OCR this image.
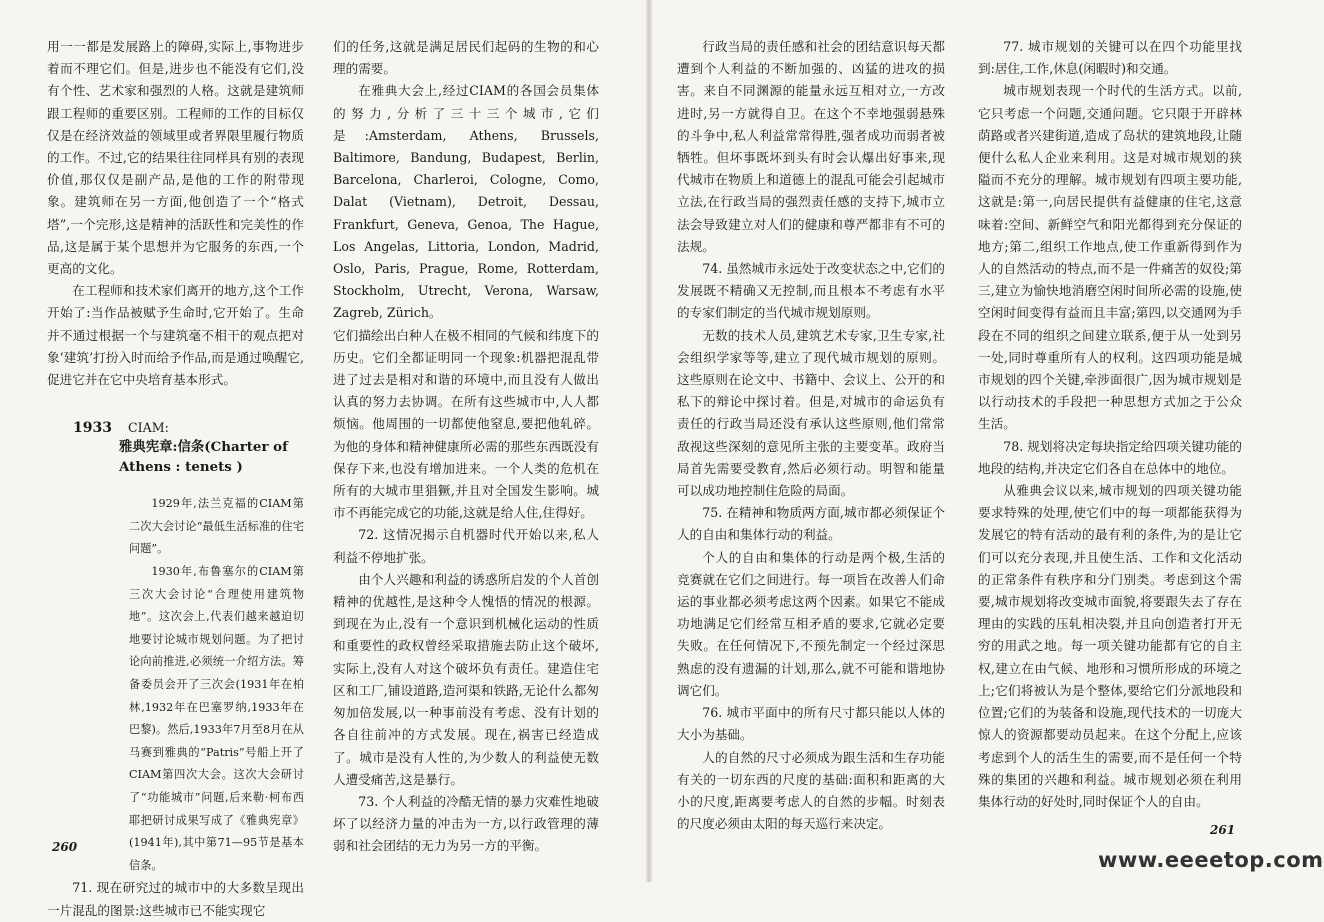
用一一都是发展路上的障碍,实际上,事物进步着而不理它们。但是,进步也不能没有它们,没有个性、艺术家和强烈的人格。这就是建筑师跟工程师的重要区别。工程师的工作的目标仅仅是在经济效益的领域里或者界限里履行物质的工作。不过,它的结果往往同样具有别的表现价值,那仅仅是副产品,是他的工作的附带现象。建筑师在另一方面,他创造了一个“格式塔”,一个完形,这是精神的活跃性和完美性的作品,这是属于某个思想并为它服务的东西,一个更高的文化。

在工程师和技术家们离开的地方,这个工作开始了:当作品被赋予生命时,它开始了。生命并不通过根据一个与建筑毫不相干的观点把对象‘建筑’打扮入时而给予作品,而是通过唤醒它,促进它并在它中央培育基本形式。

1933 CIAM:
雅典宪章:信条(Charter of Athens : tenets )

1929年,法兰克福的CIAM第二次大会讨论“最低生活标准的住宅问题”。

1930年,布鲁塞尔的CIAM第三次大会讨论“合理使用建筑物地”。这次会上,代表们越来越迫切地要讨论城市规划问题。为了把讨论向前推进,必须统一介绍方法。筹备委员会开了三次会(1931年在柏林,1932年在巴塞罗纳,1933年在巴黎)。然后,1933年7月至8月在从马赛到雅典的“Patris”号船上开了CIAM第四次大会。这次大会研讨了“功能城市”问题,后来勒·柯布西耶把研讨成果写成了《雅典宪章》(1941年),其中第71—95节是基本信条。

71. 现在研究过的城市中的大多数呈现出一片混乱的图景:这些城市已不能实现它

们的任务,这就是满足居民们起码的生物的和心理的需要。

在雅典大会上,经过CIAM的各国会员集体的努力,分析了三十三个城市,它们是:Amsterdam, Athens, Brussels, Baltimore, Bandung, Budapest, Berlin, Barcelona, Charleroi, Cologne, Como, Dalat (Vietnam), Detroit, Dessau, Frankfurt, Geneva, Genoa, The Hague, Los Angelas, Littoria, London, Madrid, Oslo, Paris, Prague, Rome, Rotterdam, Stockholm, Utrecht, Verona, Warsaw, Zagreb, Zürich。

它们描绘出白种人在极不相同的气候和纬度下的历史。它们全都证明同一个现象:机器把混乱带进了过去是相对和谐的环境中,而且没有人做出认真的努力去协调。在所有这些城市中,人人都烦恼。他周围的一切都使他窒息,要把他轧碎。为他的身体和精神健康所必需的那些东西既没有保存下来,也没有增加进来。一个人类的危机在所有的大城市里猖獗,并且对全国发生影响。城市不再能完成它的功能,这就是给人住,住得好。

72. 这情况揭示自机器时代开始以来,私人利益不停地扩张。

由个人兴趣和利益的诱惑所启发的个人首创精神的优越性,是这种令人愧悟的情况的根源。到现在为止,没有一个意识到机械化运动的性质和重要性的政权曾经采取措施去防止这个破坏,实际上,没有人对这个破坏负有责任。建造住宅区和工厂,铺设道路,造河渠和铁路,无论什么都匆匆加倍发展,以一种事前没有考虑、没有计划的各自往前冲的方式发展。现在,祸害已经造成了。城市是没有人性的,为少数人的利益使无数人遭受痛苦,这是暴行。

73. 个人利益的冷酷无情的暴力灾难性地破坏了以经济力量的冲击为一方,以行政管理的薄弱和社会团结的无力为另一方的平衡。

260

行政当局的责任感和社会的团结意识每天都遭到个人利益的不断加强的、凶猛的进攻的损害。来自不同渊源的能量永远互相对立,一方改进时,另一方就得自卫。在这个不幸地强弱悬殊的斗争中,私人利益常常得胜,强者成功而弱者被牺牲。但坏事既坏到头有时会认爆出好事来,现代城市在物质上和道德上的混乱可能会引起城市立法,在行政当局的强烈责任感的支持下,城市立法会导致建立对人们的健康和尊严都非有不可的法规。

74. 虽然城市永远处于改变状态之中,它们的发展既不精确又无控制,而且根本不考虑有水平的专家们制定的当代城市规划原则。

无数的技术人员,建筑艺术专家,卫生专家,社会组织学家等等,建立了现代城市规划的原则。这些原则在论文中、书籍中、会议上、公开的和私下的辩论中探讨着。但是,对城市的命运负有责任的行政当局还没有承认这些原则,他们常常敌视这些深刻的意见所主张的主要变革。政府当局首先需要受教育,然后必须行动。明智和能量可以成功地控制住危险的局面。

75. 在精神和物质两方面,城市都必须保证个人的自由和集体行动的利益。

个人的自由和集体的行动是两个极,生活的竞赛就在它们之间进行。每一项旨在改善人们命运的事业都必须考虑这两个因素。如果它不能成功地满足它们经常互相矛盾的要求,它就必定要失败。在任何情况下,不预先制定一个经过深思熟虑的没有遗漏的计划,那么,就不可能和谐地协调它们。

76. 城市平面中的所有尺寸都只能以人体的大小为基础。

人的自然的尺寸必须成为跟生活和生存功能有关的一切东西的尺度的基础:面积和距离的大小的尺度,距离要考虑人的自然的步幅。时刻表的尺度必须由太阳的每天巡行来决定。

77. 城市规划的关键可以在四个功能里找到:居住,工作,休息(闲暇时)和交通。

城市规划表现一个时代的生活方式。以前,它只考虑一个问题,交通问题。它只限于开辟林荫路或者兴建街道,造成了岛状的建筑地段,让随便什么私人企业来利用。这是对城市规划的狭隘而不充分的理解。城市规划有四项主要功能,这就是:第一,向居民提供有益健康的住宅,这意味着:空间、新鲜空气和阳光都得到充分保证的地方;第二,组织工作地点,使工作重新得到作为人的自然活动的特点,而不是一件痛苦的奴役;第三,建立为愉快地消磨空闲时间所必需的设施,使空闲时间变得有益而且丰富;第四,以交通网为手段在不同的组织之间建立联系,便于从一处到另一处,同时尊重所有人的权利。这四项功能是城市规划的四个关键,牵涉面很广,因为城市规划是以行动技术的手段把一种思想方式加之于公众生活。

78. 规划将决定每块指定给四项关键功能的地段的结构,并决定它们各自在总体中的地位。

从雅典会议以来,城市规划的四项关键功能要求特殊的处理,使它们中的每一项都能获得为发展它的特有活动的最有利的条件,为的是让它们可以充分表现,并且使生活、工作和文化活动的正常条件有秩序和分门别类。考虑到这个需要,城市规划将改变城市面貌,将要跟失去了存在理由的实践的压轧相决裂,并且向创造者打开无穷的用武之地。每一项关键功能都有它的自主权,建立在由气候、地形和习惯所形成的环境之上;它们将被认为是个整体,要给它们分派地段和位置;它们的为装备和设施,现代技术的一切庞大惊人的资源都要动员起来。在这个分配上,应该考虑到个人的活生生的需要,而不是任何一个特殊的集团的兴趣和利益。城市规划必须在利用集体行动的好处时,同时保证个人的自由。

261
www.eeeetop.com
